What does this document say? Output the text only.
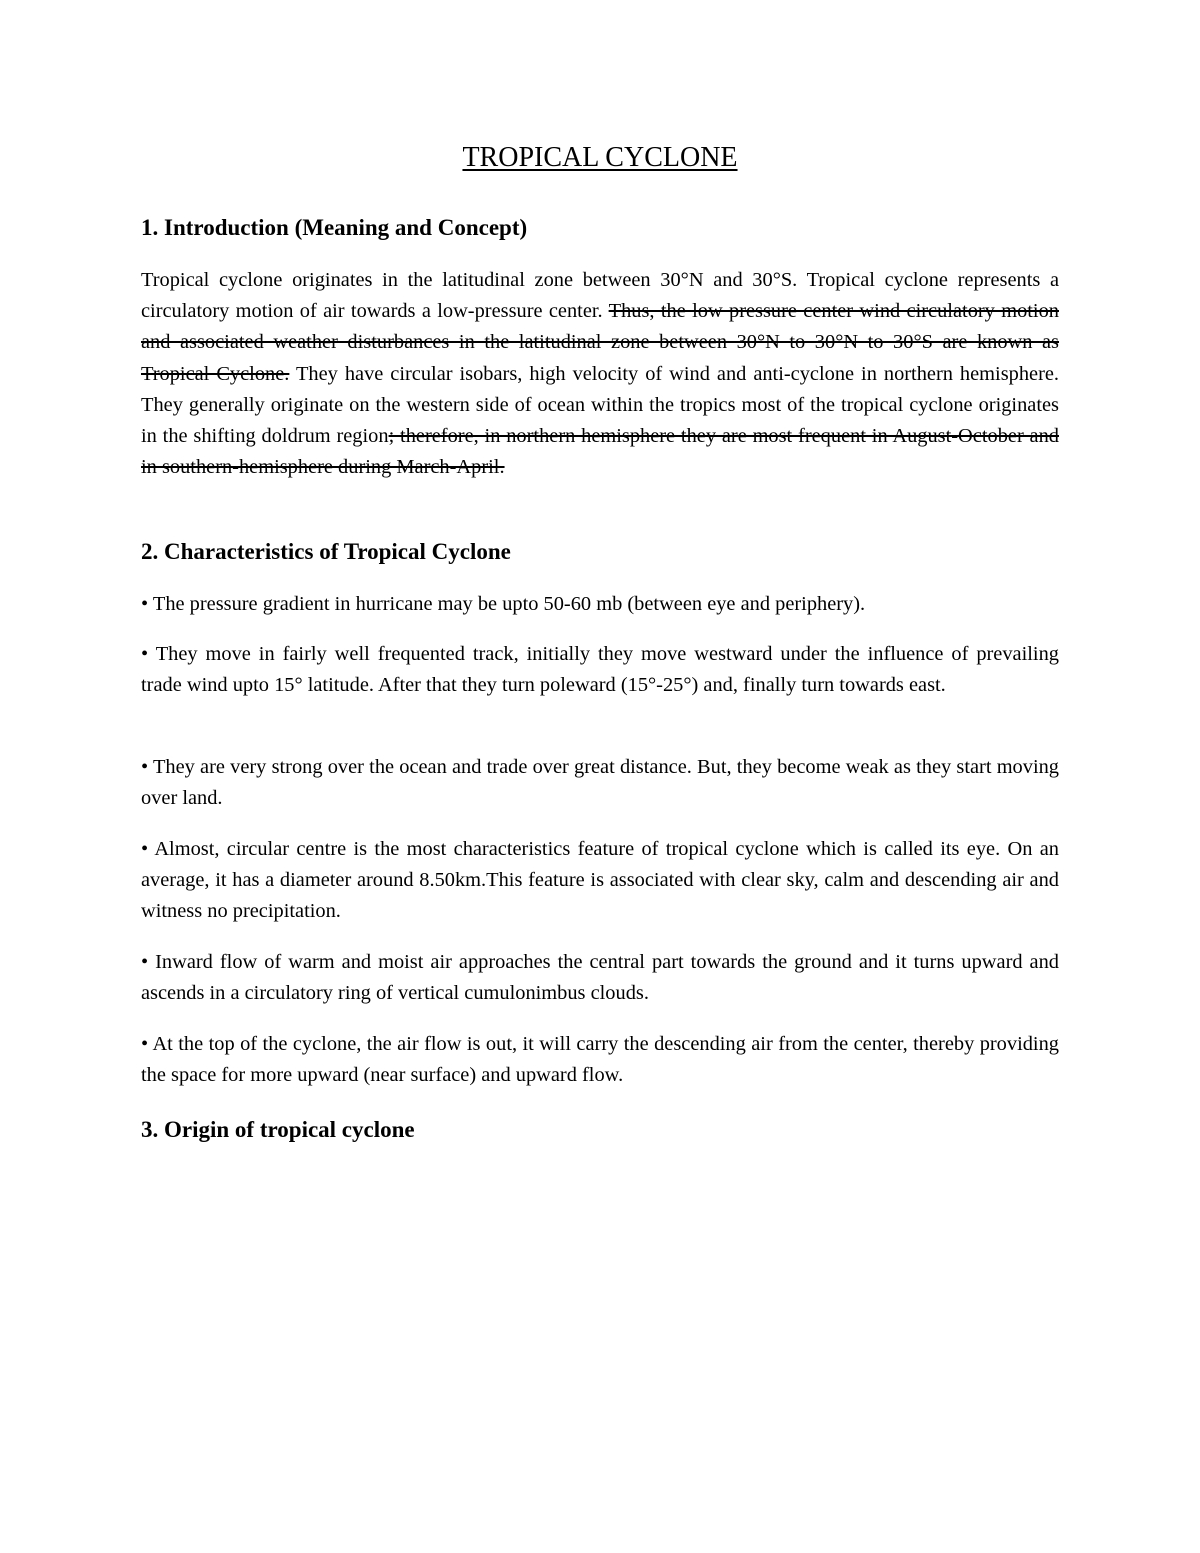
TROPICAL CYCLONE
1. Introduction (Meaning and Concept)

Tropical cyclone originates in the latitudinal zone between 30°N and 30°S. Tropical cyclone represents a circulatory motion of air towards a low-pressure center. Thus, the low pressure center wind circulatory motion and associated weather disturbances in the latitudinal zone between 30°N to 30°N to 30°S are known as Tropical Cyclone. They have circular isobars, high velocity of wind and anti-cyclone in northern hemisphere. They generally originate on the western side of ocean within the tropics most of the tropical cyclone originates in the shifting doldrum region; therefore, in northern hemisphere they are most frequent in August-October and in southern-hemisphere during March-April.

2. Characteristics of Tropical Cyclone

• The pressure gradient in hurricane may be upto 50-60 mb (between eye and periphery).

• They move in fairly well frequented track, initially they move westward under the influence of prevailing trade wind upto 15° latitude. After that they turn poleward (15°-25°) and, finally turn towards east.

• They are very strong over the ocean and trade over great distance. But, they become weak as they start moving over land.

• Almost, circular centre is the most characteristics feature of tropical cyclone which is called its eye. On an average, it has a diameter around 8.50km.This feature is associated with clear sky, calm and descending air and witness no precipitation.

• Inward flow of warm and moist air approaches the central part towards the ground and it turns upward and ascends in a circulatory ring of vertical cumulonimbus clouds.

• At the top of the cyclone, the air flow is out, it will carry the descending air from the center, thereby providing the space for more upward (near surface) and upward flow.

3. Origin of tropical cyclone
